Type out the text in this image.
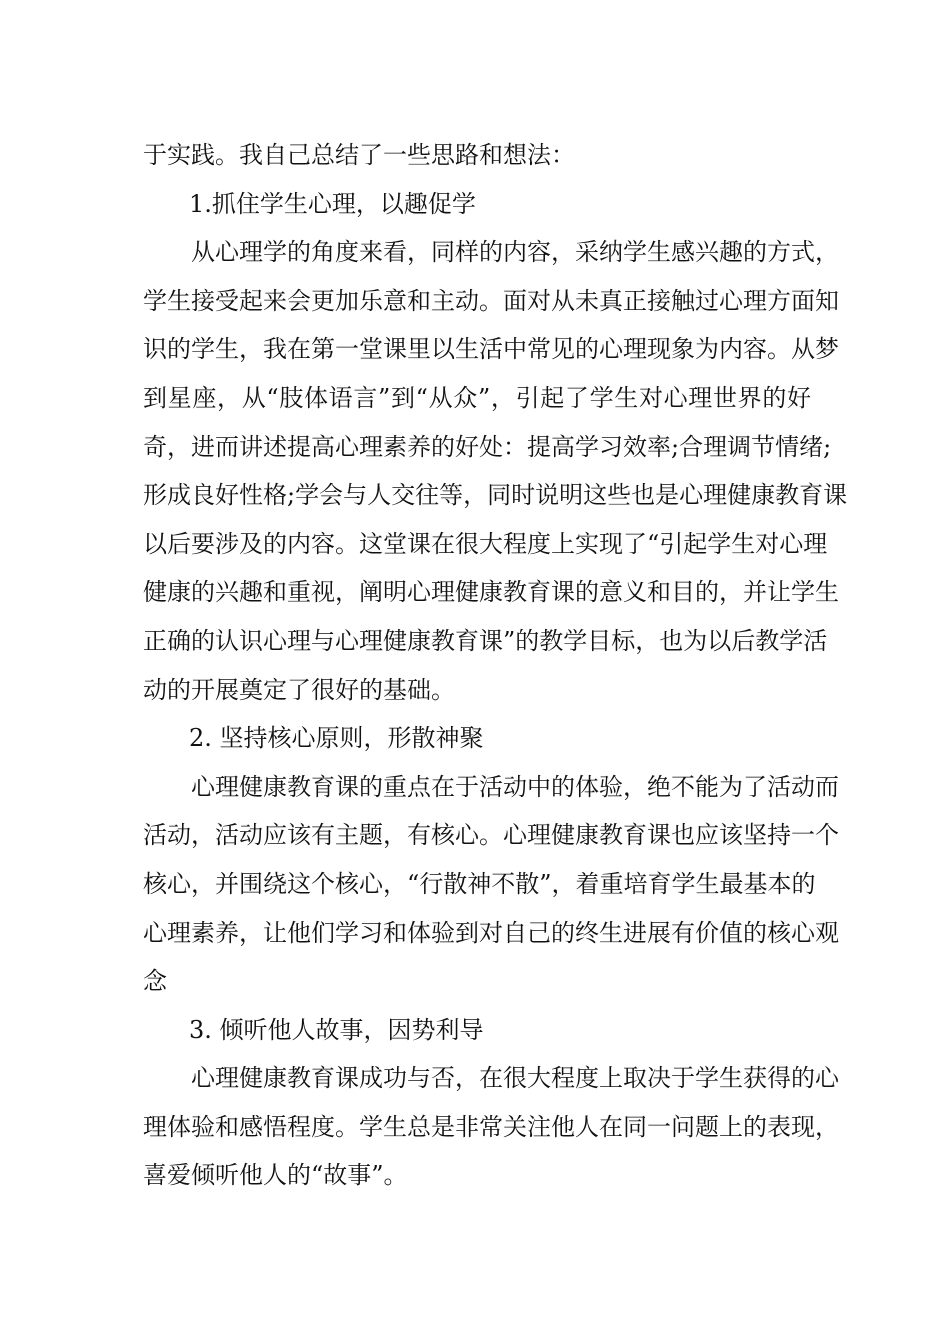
于实践。我自己总结了一些思路和想法：
1.抓住学生心理，以趣促学
从心理学的角度来看，同样的内容，采纳学生感兴趣的方式，
学生接受起来会更加乐意和主动。面对从未真正接触过心理方面知
识的学生，我在第一堂课里以生活中常见的心理现象为内容。从梦
到星座，从“肢体语言”到“从众”，引起了学生对心理世界的好
奇，进而讲述提高心理素养的好处：提高学习效率;合理调节情绪;
形成良好性格;学会与人交往等，同时说明这些也是心理健康教育课
以后要涉及的内容。这堂课在很大程度上实现了“引起学生对心理
健康的兴趣和重视，阐明心理健康教育课的意义和目的，并让学生
正确的认识心理与心理健康教育课”的教学目标，也为以后教学活
动的开展奠定了很好的基础。
2. 坚持核心原则，形散神聚
心理健康教育课的重点在于活动中的体验，绝不能为了活动而
活动，活动应该有主题，有核心。心理健康教育课也应该坚持一个
核心，并围绕这个核心，“行散神不散”，着重培育学生最基本的
心理素养，让他们学习和体验到对自己的终生进展有价值的核心观
念
3. 倾听他人故事，因势利导
心理健康教育课成功与否，在很大程度上取决于学生获得的心
理体验和感悟程度。学生总是非常关注他人在同一问题上的表现，
喜爱倾听他人的“故事”。
